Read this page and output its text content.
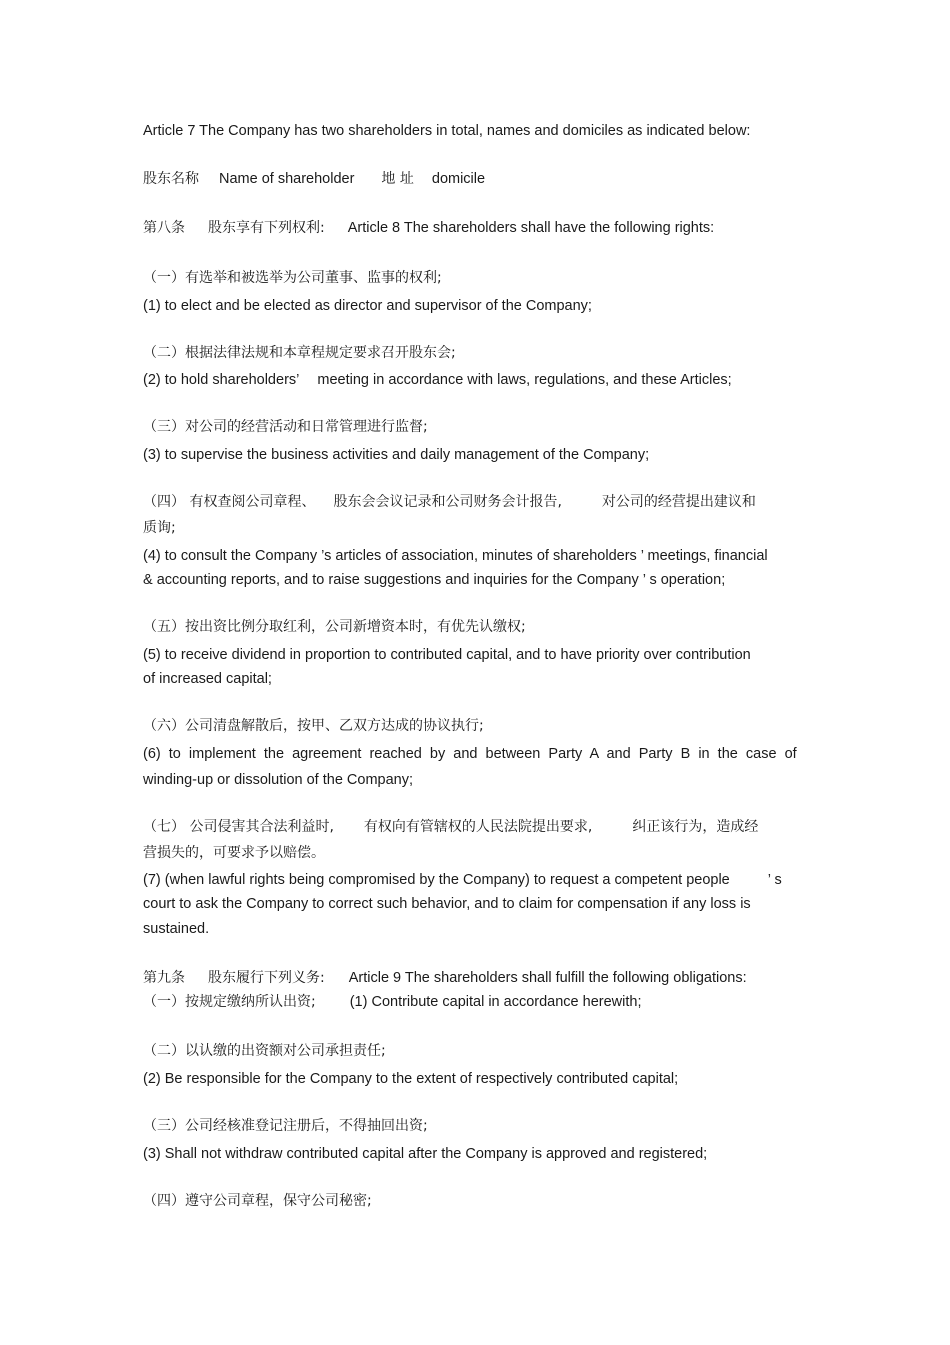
Article 7 The Company has two shareholders in total, names and domiciles as indicated below:
股东名称 Name of shareholder 地 址 domicile
第八条 股东享有下列权利: Article 8 The shareholders shall have the following rights:
（一）有选举和被选举为公司董事、监事的权利;
(1) to elect and be elected as director and supervisor of the Company;
（二）根据法律法规和本章程规定要求召开股东会;
(2) to hold shareholders’ meeting in accordance with laws, regulations, and these Articles;
（三）对公司的经营活动和日常管理进行监督;
(3) to supervise the business activities and daily management of the Company;
（四） 有权查阅公司章程、 股东会会议记录和公司财务会计报告,	对公司的经营提出建议和
质询;
(4) to consult the Company ’s articles of association, minutes of shareholders ’ meetings, financial
& accounting reports, and to raise suggestions and inquiries for the Company ’ s operation;
（五）按出资比例分取红利，公司新增资本时，有优先认缴权;
(5) to receive dividend in proportion to contributed capital, and to have priority over contribution
of increased capital;
（六）公司清盘解散后，按甲、乙双方达成的协议执行;
(6)  to  implement  the  agreement  reached  by  and  between  Party  A  and  Party  B  in  the  case  of
winding-up or dissolution of the Company;
（七） 公司侵害其合法利益时, 有权向有管辖权的人民法院提出要求,	纠正该行为，造成经
营损失的，可要求予以赔偿。
(7) (when lawful rights being compromised by the Company) to request a competent people	’ s
court to ask the Company to correct such behavior, and to claim for compensation if any loss is
sustained.
第九条 股东履行下列义务: Article 9 The shareholders shall fulfill the following obligations:
（一）按规定缴纳所认出资; (1) Contribute capital in accordance herewith;
（二）以认缴的出资额对公司承担责任;
(2) Be responsible for the Company to the extent of respectively contributed capital;
（三）公司经核准登记注册后，不得抽回出资;
(3) Shall not withdraw contributed capital after the Company is approved and registered;
（四）遵守公司章程，保守公司秘密;
